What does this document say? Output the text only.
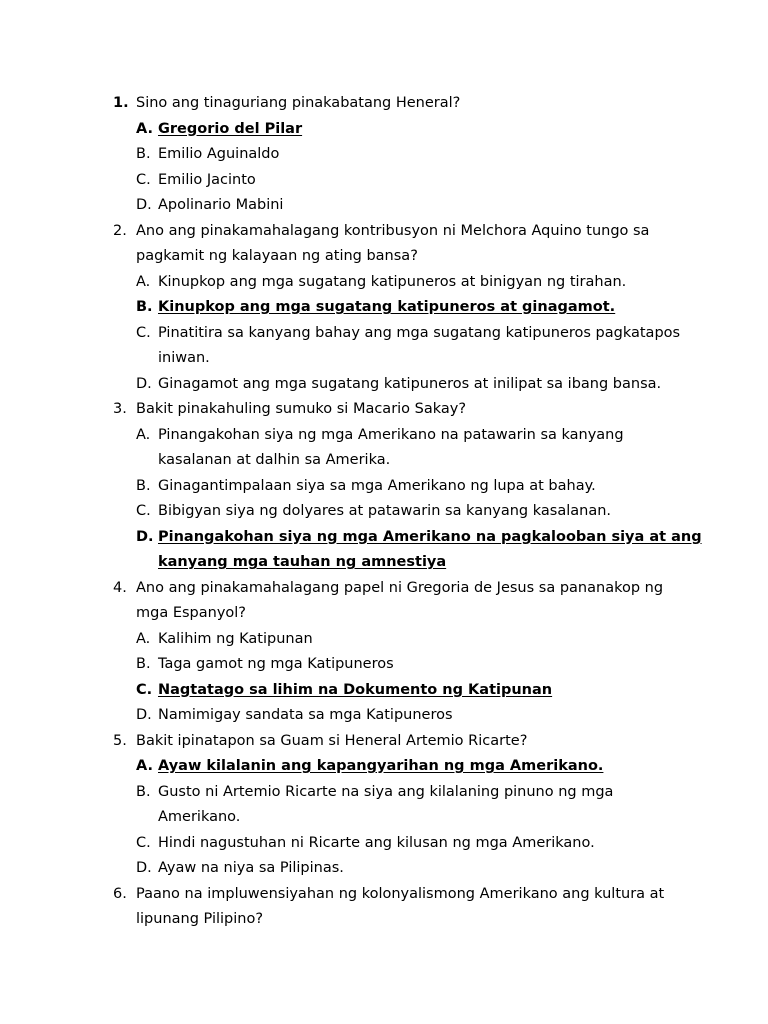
1. Sino ang tinaguriang pinakabatang Heneral?
A. Gregorio del Pilar
B. Emilio Aguinaldo
C. Emilio Jacinto
D. Apolinario Mabini
2. Ano ang pinakamahalagang kontribusyon ni Melchora Aquino tungo sa
pagkamit ng kalayaan ng ating bansa?
A. Kinupkop ang mga sugatang katipuneros at binigyan ng tirahan.
B. Kinupkop ang mga sugatang katipuneros at ginagamot.
C. Pinatitira sa kanyang bahay ang mga sugatang katipuneros pagkatapos
iniwan.
D. Ginagamot ang mga sugatang katipuneros at inilipat sa ibang bansa.
3. Bakit pinakahuling sumuko si Macario Sakay?
A. Pinangakohan siya ng mga Amerikano na patawarin sa kanyang
kasalanan at dalhin sa Amerika.
B. Ginagantimpalaan siya sa mga Amerikano ng lupa at bahay.
C. Bibigyan siya ng dolyares at patawarin sa kanyang kasalanan.
D. Pinangakohan siya ng mga Amerikano na pagkalooban siya at ang
kanyang mga tauhan ng amnestiya
4. Ano ang pinakamahalagang papel ni Gregoria de Jesus sa pananakop ng
mga Espanyol?
A. Kalihim ng Katipunan
B. Taga gamot ng mga Katipuneros
C. Nagtatago sa lihim na Dokumento ng Katipunan
D. Namimigay sandata sa mga Katipuneros
5. Bakit ipinatapon sa Guam si Heneral Artemio Ricarte?
A. Ayaw kilalanin ang kapangyarihan ng mga Amerikano.
B. Gusto ni Artemio Ricarte na siya ang kilalaning pinuno ng mga
Amerikano.
C. Hindi nagustuhan ni Ricarte ang kilusan ng mga Amerikano.
D. Ayaw na niya sa Pilipinas.
6. Paano na impluwensiyahan ng kolonyalismong Amerikano ang kultura at
lipunang Pilipino?
